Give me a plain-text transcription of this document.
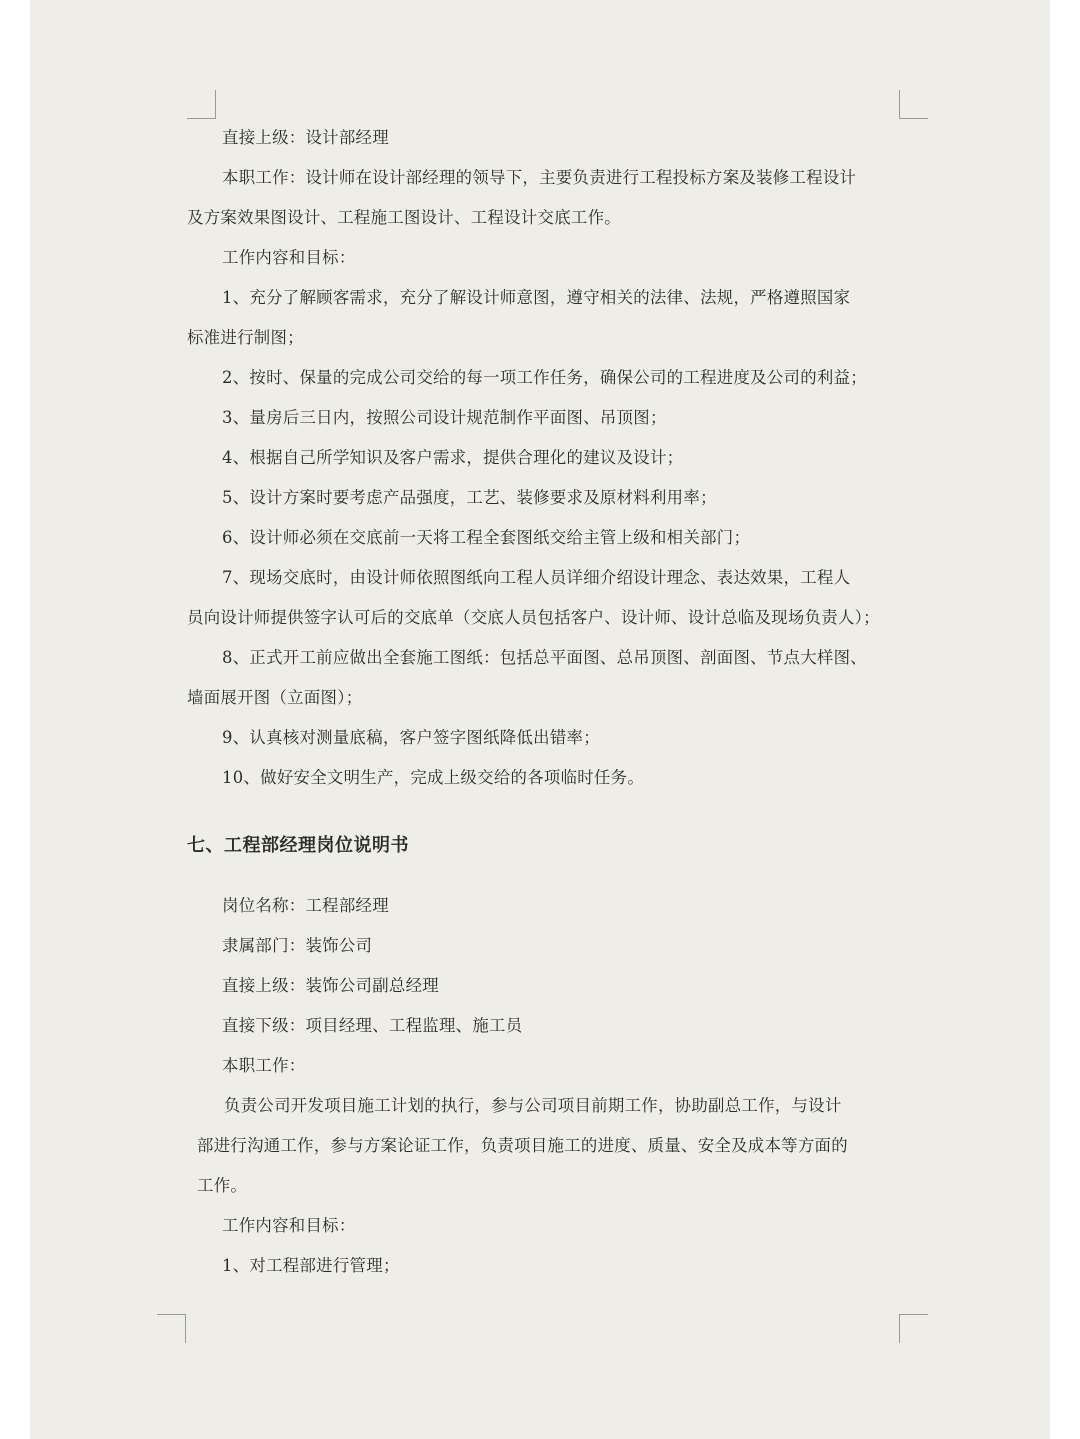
直接上级：设计部经理
本职工作：设计师在设计部经理的领导下，主要负责进行工程投标方案及装修工程设计
及方案效果图设计、工程施工图设计、工程设计交底工作。
工作内容和目标：
1、充分了解顾客需求，充分了解设计师意图，遵守相关的法律、法规，严格遵照国家
标准进行制图；
2、按时、保量的完成公司交给的每一项工作任务，确保公司的工程进度及公司的利益；
3、量房后三日内，按照公司设计规范制作平面图、吊顶图；
4、根据自己所学知识及客户需求，提供合理化的建议及设计；
5、设计方案时要考虑产品强度，工艺、装修要求及原材料利用率；
6、设计师必须在交底前一天将工程全套图纸交给主管上级和相关部门；
7、现场交底时，由设计师依照图纸向工程人员详细介绍设计理念、表达效果，工程人
员向设计师提供签字认可后的交底单（交底人员包括客户、设计师、设计总临及现场负责人）；
8、正式开工前应做出全套施工图纸：包括总平面图、总吊顶图、剖面图、节点大样图、
墙面展开图（立面图）；
9、认真核对测量底稿，客户签字图纸降低出错率；
10、做好安全文明生产，完成上级交给的各项临时任务。
七、工程部经理岗位说明书
岗位名称：工程部经理
隶属部门：装饰公司
直接上级：装饰公司副总经理
直接下级：项目经理、工程监理、施工员
本职工作：
负责公司开发项目施工计划的执行，参与公司项目前期工作，协助副总工作，与设计
部进行沟通工作，参与方案论证工作，负责项目施工的进度、质量、安全及成本等方面的
工作。
工作内容和目标：
1、对工程部进行管理；
